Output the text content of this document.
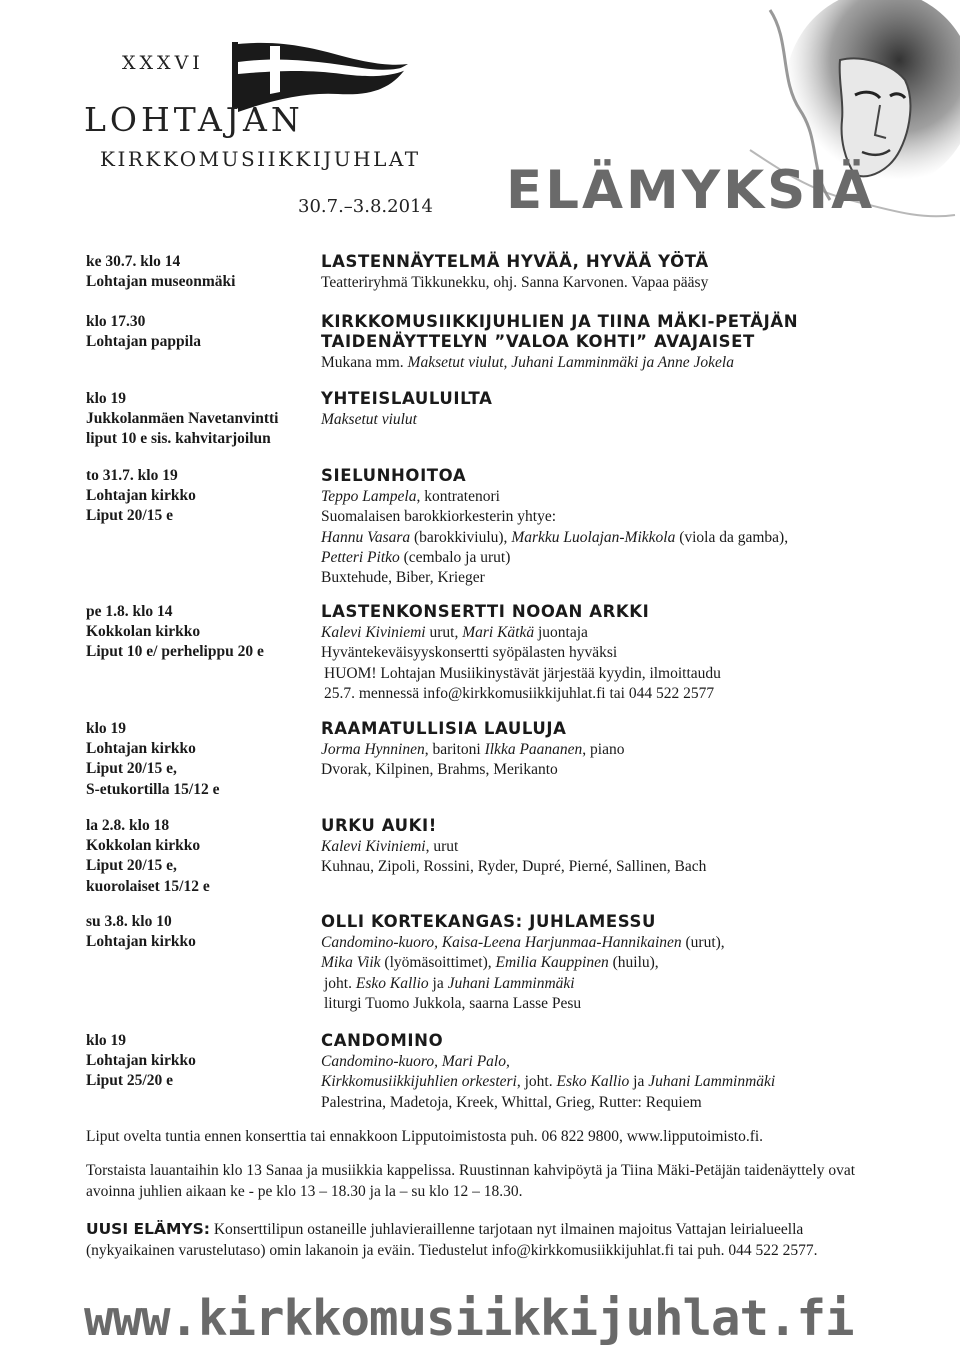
XXXVI
LOHTAJAN
KIRKKOMUSIIKKIJUHLAT
30.7.–3.8.2014 ELÄMYKSIÄ
ke 30.7. klo 14
Lohtajan museonmäki
LASTENNÄYTELMÄ HYVÄÄ, HYVÄÄ YÖTÄ
Teatteriryhmä Tikkunekku, ohj. Sanna Karvonen. Vapaa pääsy
klo 17.30
Lohtajan pappila
KIRKKOMUSIIKKIJUHLIEN JA TIINA MÄKI-PETÄJÄN
TAIDENÄYTTELYN ”VALOA KOHTI” AVAJAISET
Mukana mm. Maksetut viulut, Juhani Lamminmäki ja Anne Jokela
klo 19
Jukkolanmäen Navetanvintti
liput 10 e sis. kahvitarjoilun
YHTEISLAULUILTA
Maksetut viulut
to 31.7. klo 19
Lohtajan kirkko
Liput 20/15 e
SIELUNHOITOA
Teppo Lampela, kontratenori
Suomalaisen barokkiorkesterin yhtye:
Hannu Vasara (barokkiviulu), Markku Luolajan-Mikkola (viola da gamba),
Petteri Pitko (cembalo ja urut)
Buxtehude, Biber, Krieger
pe 1.8. klo 14
Kokkolan kirkko
Liput 10 e/ perhelippu 20 e
LASTENKONSERTTI NOOAN ARKKI
Kalevi Kiviniemi urut, Mari Kätkä juontaja
Hyväntekeväisyyskonsertti syöpälasten hyväksi
HUOM! Lohtajan Musiikinystävät järjestää kyydin, ilmoittaudu
25.7. mennessä info@kirkkomusiikkijuhlat.fi tai 044 522 2577
klo 19
Lohtajan kirkko
Liput 20/15 e,
S-etukortilla 15/12 e
RAAMATULLISIA LAULUJA
Jorma Hynninen, baritoni Ilkka Paananen, piano
Dvorak, Kilpinen, Brahms, Merikanto
la 2.8. klo 18
Kokkolan kirkko
Liput 20/15 e,
kuorolaiset 15/12 e
URKU AUKI!
Kalevi Kiviniemi, urut
Kuhnau, Zipoli, Rossini, Ryder, Dupré, Pierné, Sallinen, Bach
su 3.8. klo 10
Lohtajan kirkko
OLLI KORTEKANGAS: JUHLAMESSU
Candomino-kuoro, Kaisa-Leena Harjunmaa-Hannikainen (urut),
Mika Viik (lyömäsoittimet), Emilia Kauppinen (huilu),
joht. Esko Kallio ja Juhani Lamminmäki
liturgi Tuomo Jukkola, saarna Lasse Pesu
klo 19
Lohtajan kirkko
Liput 25/20 e
CANDOMINO
Candomino-kuoro, Mari Palo,
Kirkkomusiikkijuhlien orkesteri, joht. Esko Kallio ja Juhani Lamminmäki
Palestrina, Madetoja, Kreek, Whittal, Grieg, Rutter: Requiem
Liput ovelta tuntia ennen konserttia tai ennakkoon Lipputoimistosta puh. 06 822 9800, www.lipputoimisto.fi.
Torstaista lauantaihin klo 13 Sanaa ja musiikkia kappelissa. Ruustinnan kahvipöytä ja Tiina Mäki-Petäjän taidenäyttely ovat avoinna juhlien aikaan ke - pe klo 13 – 18.30 ja la – su klo 12 – 18.30.
UUSI ELÄMYS: Konserttilipun ostaneille juhlavieraillenne tarjotaan nyt ilmainen majoitus Vattajan leirialueella (nykyaikainen varustelutaso) omin lakanoin ja eväin. Tiedustelut info@kirkkomusiikkijuhlat.fi tai puh. 044 522 2577.
www.kirkkomusiikkijuhlat.fi
